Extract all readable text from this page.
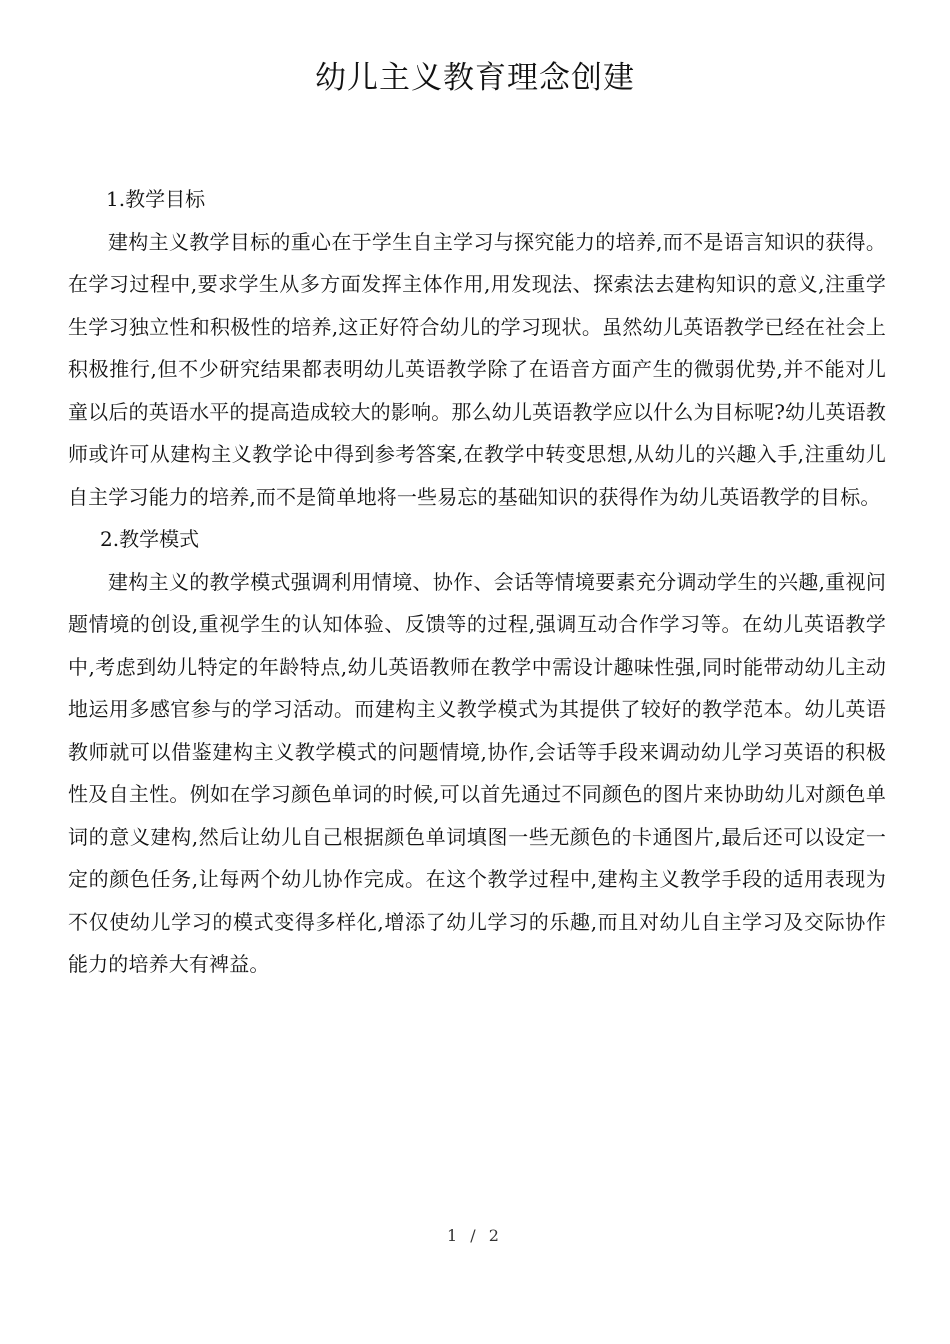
幼儿主义教育理念创建

1.教学目标

建构主义教学目标的重心在于学生自主学习与探究能力的培养,而不是语言知识的获得。在学习过程中,要求学生从多方面发挥主体作用,用发现法、探索法去建构知识的意义,注重学生学习独立性和积极性的培养,这正好符合幼儿的学习现状。虽然幼儿英语教学已经在社会上积极推行,但不少研究结果都表明幼儿英语教学除了在语音方面产生的微弱优势,并不能对儿童以后的英语水平的提高造成较大的影响。那么幼儿英语教学应以什么为目标呢?幼儿英语教师或许可从建构主义教学论中得到参考答案,在教学中转变思想,从幼儿的兴趣入手,注重幼儿自主学习能力的培养,而不是简单地将一些易忘的基础知识的获得作为幼儿英语教学的目标。

2.教学模式

建构主义的教学模式强调利用情境、协作、会话等情境要素充分调动学生的兴趣,重视问题情境的创设,重视学生的认知体验、反馈等的过程,强调互动合作学习等。在幼儿英语教学中,考虑到幼儿特定的年龄特点,幼儿英语教师在教学中需设计趣味性强,同时能带动幼儿主动地运用多感官参与的学习活动。而建构主义教学模式为其提供了较好的教学范本。幼儿英语教师就可以借鉴建构主义教学模式的问题情境,协作,会话等手段来调动幼儿学习英语的积极性及自主性。例如在学习颜色单词的时候,可以首先通过不同颜色的图片来协助幼儿对颜色单词的意义建构,然后让幼儿自己根据颜色单词填图一些无颜色的卡通图片,最后还可以设定一定的颜色任务,让每两个幼儿协作完成。在这个教学过程中,建构主义教学手段的适用表现为不仅使幼儿学习的模式变得多样化,增添了幼儿学习的乐趣,而且对幼儿自主学习及交际协作能力的培养大有裨益。

1 / 2
